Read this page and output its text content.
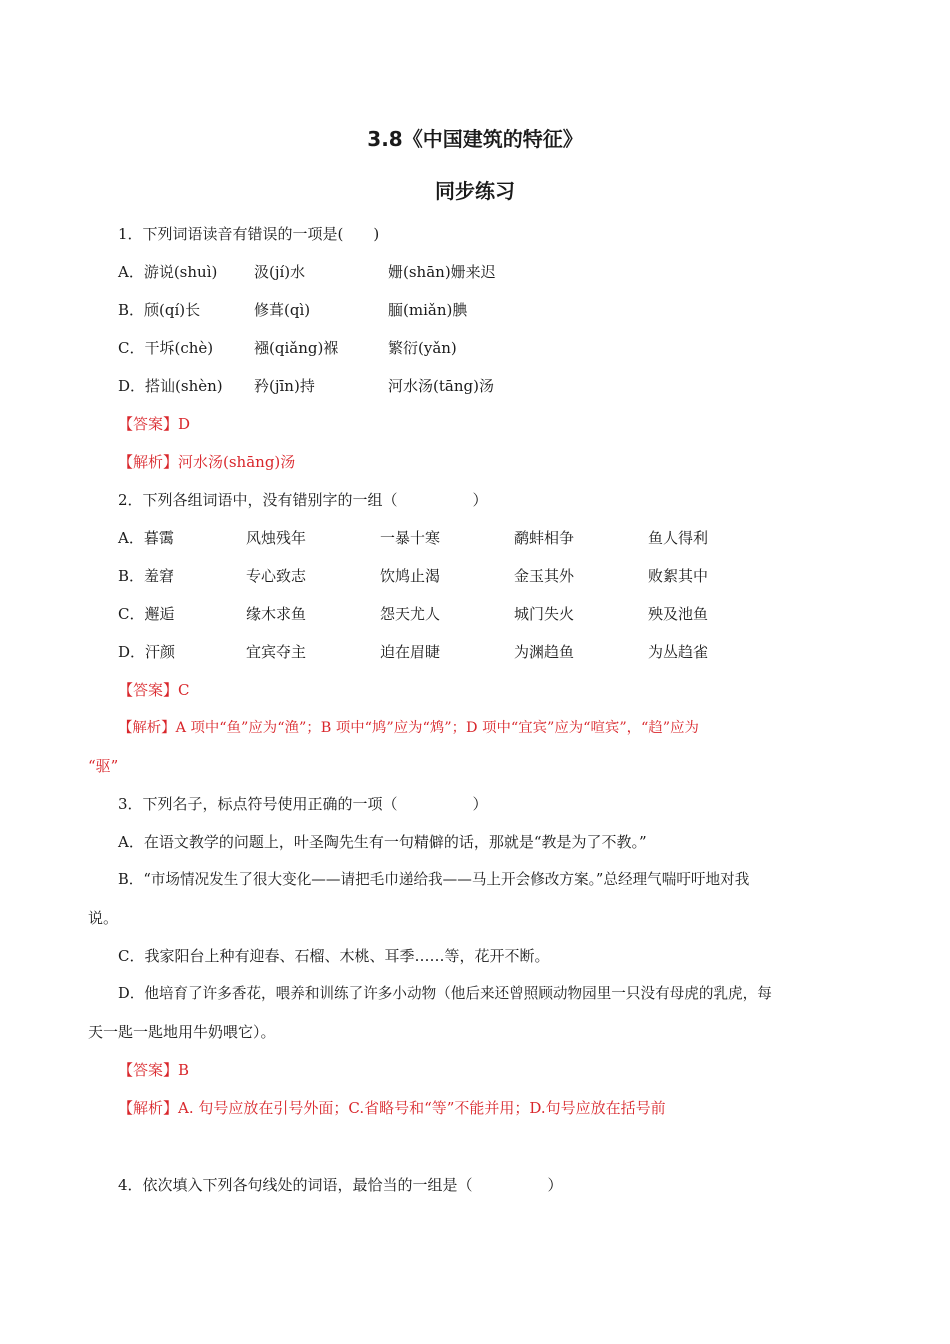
3.8《中国建筑的特征》
同步练习
1．下列词语读音有错误的一项是(　　)
A．游说(shuì) 汲(jí)水	姗(shān)姗来迟
B．颀(qí)长	修葺(qì)	腼(miǎn)腆
C．干坼(chè)	襁(qiǎng)褓	繁衍(yǎn)
D．搭讪(shèn) 矜(jīn)持	河水汤(tāng)汤
【答案】D
【解析】河水汤(shāng)汤
2．下列各组词语中，没有错别字的一组（　　　　　）
A．暮霭	风烛残年	一暴十寒	鹬蚌相争	鱼人得利
B．羞窘	专心致志	饮鸠止渴	金玉其外	败絮其中
C．邂逅	缘木求鱼	怨天尤人	城门失火	殃及池鱼
D．汗颜	宜宾夺主	迫在眉睫	为渊趋鱼	为丛趋雀
【答案】C
【解析】A 项中“鱼”应为“渔”；B 项中“鸠”应为“鸩”；D 项中“宜宾”应为“喧宾”，“趋”应为
“驱”
3．下列名子，标点符号使用正确的一项（　　　　　）
A．在语文教学的问题上，叶圣陶先生有一句精僻的话，那就是“教是为了不教。”
B．“市场情况发生了很大变化——请把毛巾递给我——马上开会修改方案。”总经理气喘吁吁地对我
说。
C．我家阳台上种有迎春、石榴、木桃、耳季……等，花开不断。
D．他培育了许多香花，喂养和训练了许多小动物（他后来还曾照顾动物园里一只没有母虎的乳虎，每
天一匙一匙地用牛奶喂它）。
【答案】B
【解析】A. 句号应放在引号外面；C.省略号和“等”不能并用；D.句号应放在括号前
4．依次填入下列各句线处的词语，最恰当的一组是（　　　　　）
